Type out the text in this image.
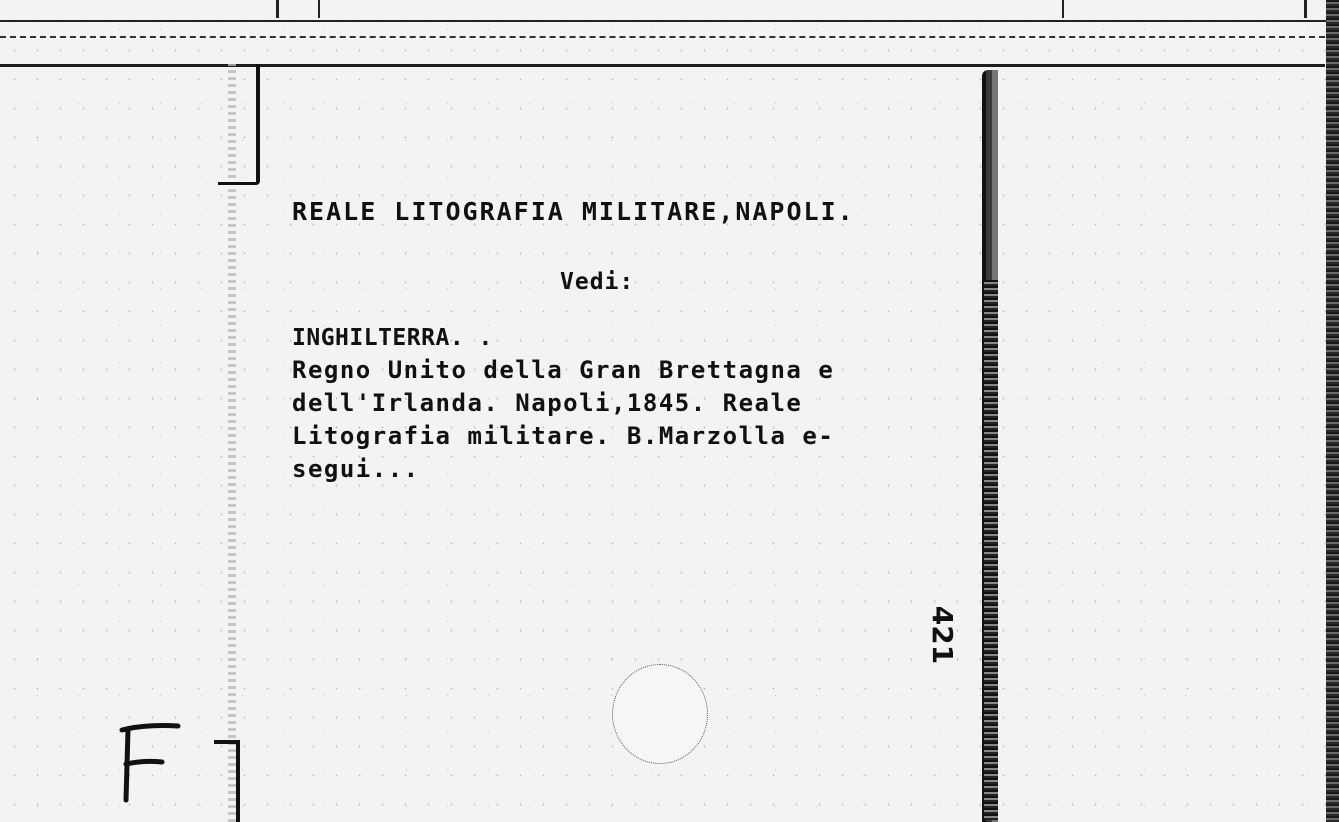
REALE LITOGRAFIA MILITARE,NAPOLI.
Vedi:
INGHILTERRA. .
Regno Unito della Gran Brettagna e
dell'Irlanda. Napoli,1845. Reale
Litografia militare. B.Marzolla e-
segui...
421
